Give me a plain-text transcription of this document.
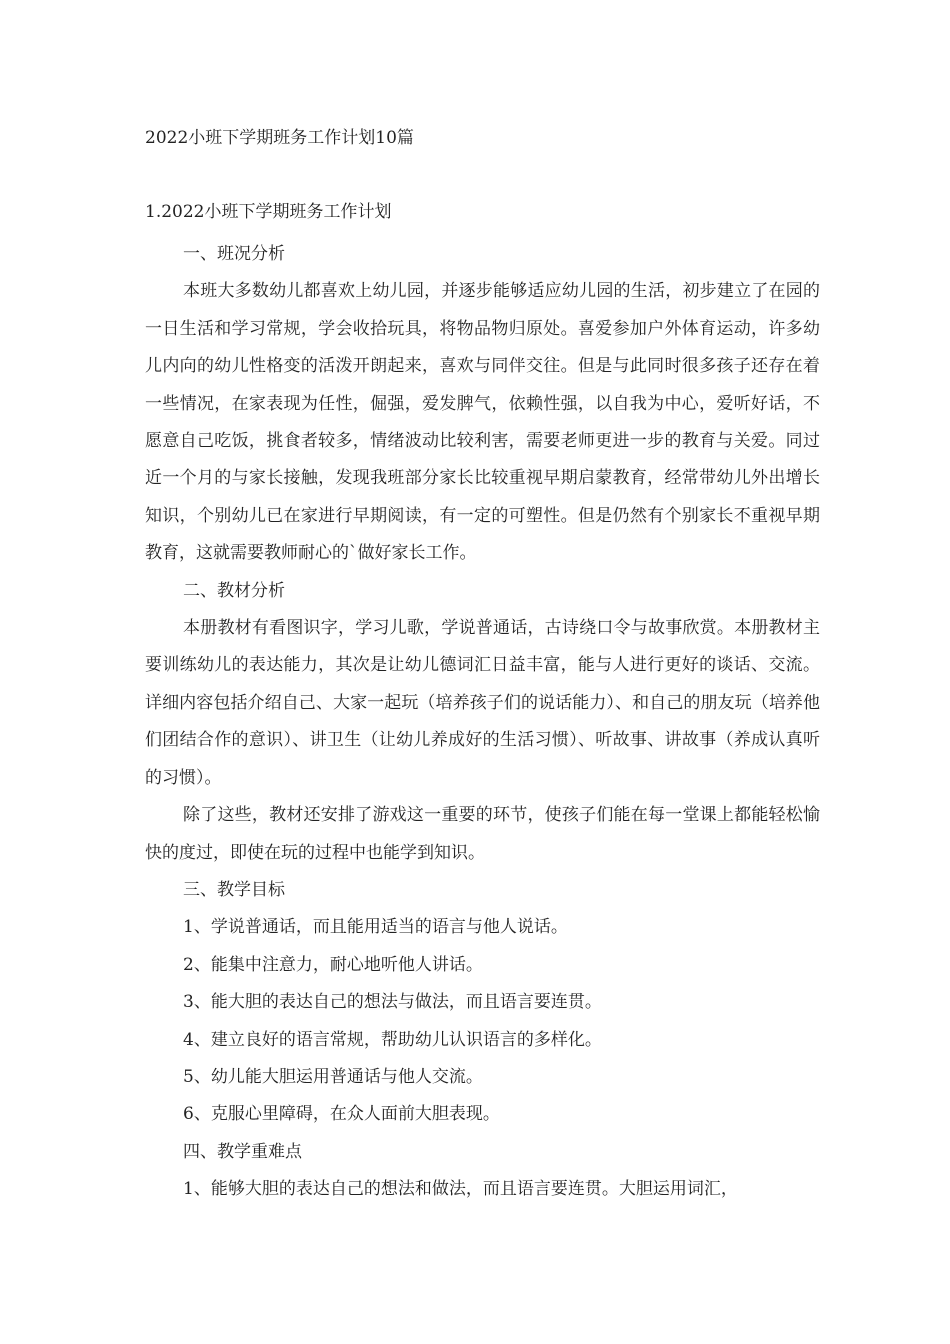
2022小班下学期班务工作计划10篇
1.2022小班下学期班务工作计划

一、班况分析

本班大多数幼儿都喜欢上幼儿园，并逐步能够适应幼儿园的生活，初步建立了在园的一日生活和学习常规，学会收拾玩具，将物品物归原处。喜爱参加户外体育运动，许多幼儿内向的幼儿性格变的活泼开朗起来，喜欢与同伴交往。但是与此同时很多孩子还存在着一些情况，在家表现为任性，倔强，爱发脾气，依赖性强，以自我为中心，爱听好话，不愿意自己吃饭，挑食者较多，情绪波动比较利害，需要老师更进一步的教育与关爱。同过近一个月的与家长接触，发现我班部分家长比较重视早期启蒙教育，经常带幼儿外出增长知识，个别幼儿已在家进行早期阅读，有一定的可塑性。但是仍然有个别家长不重视早期教育，这就需要教师耐心的`做好家长工作。

二、教材分析

本册教材有看图识字，学习儿歌，学说普通话，古诗绕口令与故事欣赏。本册教材主要训练幼儿的表达能力，其次是让幼儿德词汇日益丰富，能与人进行更好的谈话、交流。详细内容包括介绍自己、大家一起玩（培养孩子们的说话能力）、和自己的朋友玩（培养他们团结合作的意识）、讲卫生（让幼儿养成好的生活习惯）、听故事、讲故事（养成认真听的习惯）。

除了这些，教材还安排了游戏这一重要的环节，使孩子们能在每一堂课上都能轻松愉快的度过，即使在玩的过程中也能学到知识。

三、教学目标

1、学说普通话，而且能用适当的语言与他人说话。

2、能集中注意力，耐心地听他人讲话。

3、能大胆的表达自己的想法与做法，而且语言要连贯。

4、建立良好的语言常规，帮助幼儿认识语言的多样化。

5、幼儿能大胆运用普通话与他人交流。

6、克服心里障碍，在众人面前大胆表现。

四、教学重难点

1、能够大胆的表达自己的想法和做法，而且语言要连贯。大胆运用词汇，
